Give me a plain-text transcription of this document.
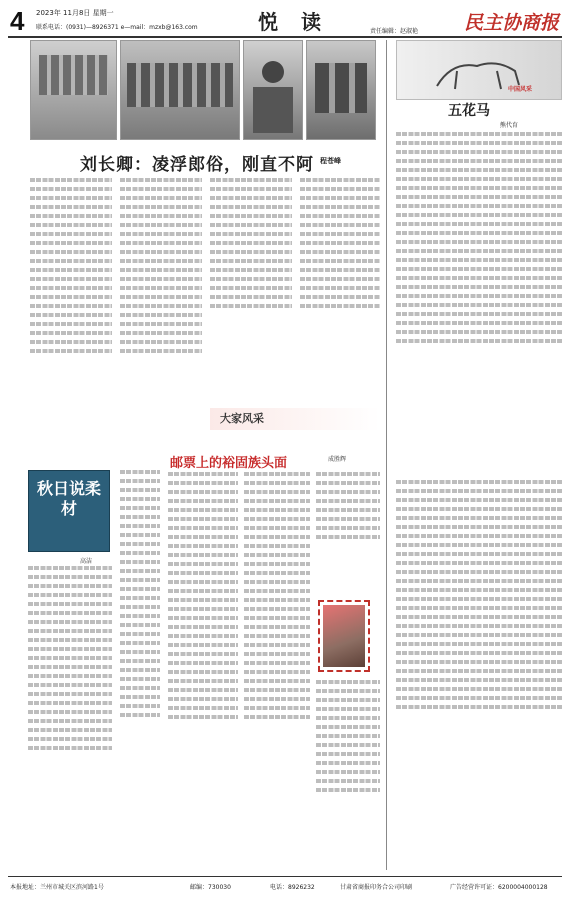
4 2023年 11月8日 星期一
联系电话：(0931)—8926371 e—mail：mzxb@163.com	悦 读	责任编辑：赵淑艳 民主协商报
刘长卿：凌浮郎俗，刚直不阿 程苍峰
中国风采
五花马
熊代育
大家风采
邮票上的裕固族头面	成胜辉
秋日说柔材
高洁
本报地址：兰州市城关区滨河路1号	邮编：730030	电话：8926232	甘肃省商报印务合公司印刷	广告经营许可证：6200004000128
